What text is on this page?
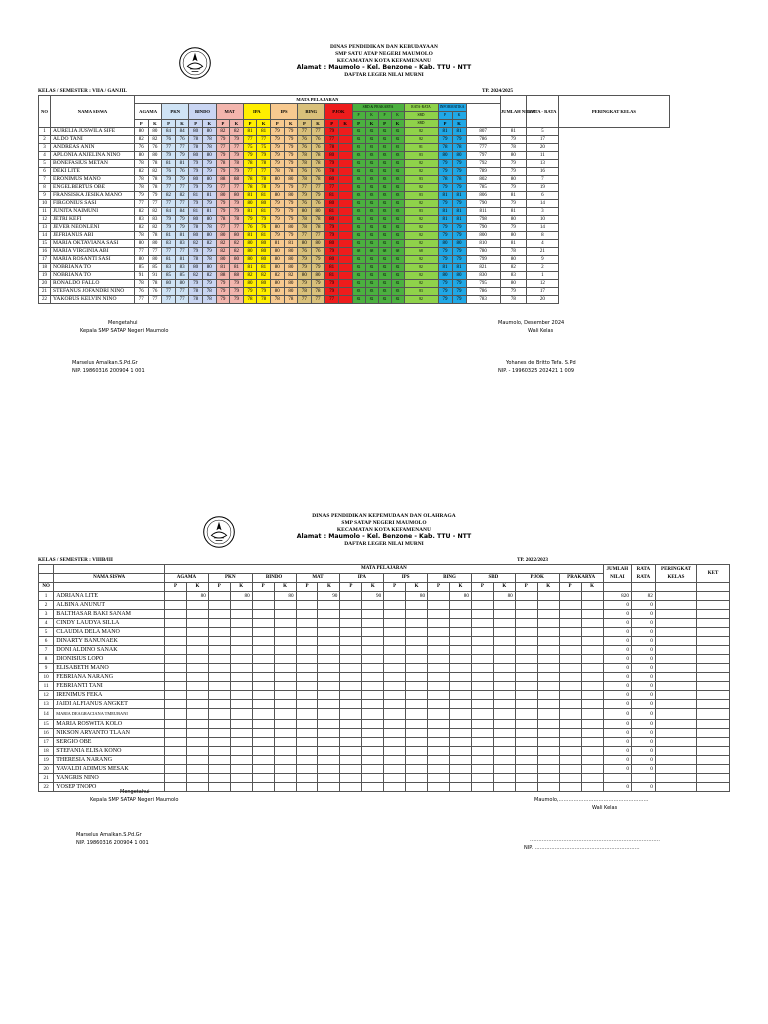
DINAS PENDIDIKAN DAN KEBUDAYAAN
SMP SATU ATAP NEGERI MAUMOLO
KECAMATAN KOTA KEFAMENANU
Alamat : Maumolo - Kel. Benzone - Kab. TTU - NTT
DAFTAR LEGER NILAI MURNI
KELAS / SEMESTER : VIIA / GANJIL	TP. 2024/2025
NO	NAMA SISWA	MATA PELAJARAN																								JUMLAH NILAI	RATA - RATA	PERINGKAT KELAS
		AGAMA		PKN		BINDO		MAT		IPA		IPS		BING		PJOK		SBD & PRAKARYA				RATA-RATA	INFORMATIKA					
																		P	K	P	K	SBD	P	K				
		P	K	P	K	P	K	P	K	P	K	P	K	P	K	P	K	P	K	P	K	SBD	P	K				
1	AURELIA JUSWILA SIFE	80	80	84	84	80	80	82	82	81	81	79	79	77	77	79		82	82	82	82	82	81	81	807	81	5	
2	ALDO TANI	82	82	76	76	78	78	79	79	77	77	79	79	76	76	77		82	82	82	82	82	79	79	786	79	17	
3	ANDREAS ANIN	76	76	77	77	78	78	77	77	75	75	79	79	76	76	78		81	81	81	81	81	78	78	777	78	20	
4	APLONIA ANJELINA NINO	80	80	79	79	80	80	79	79	79	79	79	79	78	78	80		83	83	83	83	83	80	80	797	80	11	
5	BONEFASIUS METAN	78	78	81	81	79	79	78	78	78	78	79	79	78	78	79		82	82	82	82	82	79	79	792	79	13	
6	DEKI LITE	82	82	76	76	79	79	79	79	77	77	78	78	76	76	78		82	82	82	82	82	79	79	789	79	16	
7	ERONIMUS MANO	78	78	79	79	80	80	88	88	78	78	80	80	78	78	80		83	83	83	83	83	78	78	802	80	7	
8	ENGELBERTUS OBE	78	78	77	77	79	79	77	77	78	78	79	79	77	77	77		82	82	82	82	82	79	79	785	79	19	
9	FRANSISKA JESIKA MANO	79	79	82	82	81	81	80	80	81	81	80	80	79	79	81		83	83	83	83	83	81	81	806	81	6	
10	FIRGONIUS SASI	77	77	77	77	79	79	79	79	80	80	79	79	76	76	80		82	82	82	82	82	79	79	790	79	14	
11	JUNITA NAIMUNI	82	82	84	84	81	81	79	79	81	81	79	79	80	80	81		83	83	83	83	83	81	81	811	81	3	
12	JETRI KEFI	83	83	79	79	80	80	78	78	79	79	79	79	78	78	80		82	82	82	82	82	81	81	798	80	10	
13	JEVER NEONLENI	82	82	79	79	78	78	77	77	76	76	80	80	78	78	79		82	82	82	82	82	79	79	790	79	14	
14	JEFRIANUS ABI	78	78	81	81	80	80	80	80	81	81	79	79	77	77	79		82	82	82	82	82	79	79	800	80	8	
15	MARIA OKTAVIANA SASI	80	80	83	83	82	82	82	82	80	80	81	81	80	80	80		82	82	82	82	82	80	80	810	81	4	
16	MARIA VIRGINIA ABI	77	77	77	77	79	79	82	82	80	80	80	80	76	76	79		68	68	68	68	68	79	79	780	78	21	
17	MARIA ROSANTI SASI	80	80	81	81	78	78	80	80	80	80	80	80	79	79	80		82	82	82	82	82	79	79	799	80	9	
18	NOBRIANA TO	85	85	83	83	80	80	81	81	81	81	80	80	79	79	81		82	82	82	82	82	81	81	821	82	2	
19	NOBRIANA TO	91	91	85	85	82	82	88	88	82	82	82	82	80	80	81		82	82	82	82	82	80	80	830	83	1	
20	RONALDO FALLO	78	78	80	80	79	79	79	79	80	80	80	80	79	79	79		82	82	82	82	82	79	79	795	80	12	
21	STEFANUS JOFANDRI NINO	76	76	77	77	78	78	79	79	79	79	80	80	78	78	79		83	83	83	83	83	79	79	786	79	17	
22	YAKOBUS KELVIN NINO	77	77	77	77	78	78	79	79	78	78	78	78	77	77	77		82	82	82	82	82	79	79	783	78	20	
Mengetahui
Kepala SMP SATAP Negeri Maumolo
Marselus Amalkan.S.Pd.Gr
NIP. 19860316 200904 1 001
Maumolo, Desember 2024
Wali Kelas
Yohanes de Britto Tefa. S.Pd
NIP. - 19960325 202421 1 009
DINAS PENDIDIKAN KEPEMUDAAN DAN OLAHRAGA
SMP SATAP NEGERI MAUMOLO
KECAMATAN KOTA KEFAMENANU
Alamat : Maumolo - Kel. Benzone - Kab. TTU - NTT
DAFTAR LEGER NILAI MURNI
KELAS / SEMESTER : VIIIB/III	TP. 2022/2023
		MATA PELAJARAN																				JUMLAH NILAI	RATA RATA	PERINGKAT KELAS	KET
	NAMA SISWA	AGAMA		PKN		BINDO		MAT		IPA		IPS		BING		SBD		PJOK		PRAKARYA					
NO		P	K	P	K	P	K	P	K	P	K	P	K	P	K	P	K	P	K	P	K				
1	ADRIANA LITE		80		80		80		90		90		80		80		80					820	82		
2	ALBINA ANUNUT																					0	0		
3	BALTHASAR BAKI SANAM																					0	0		
4	CINDY LAUDYA SILLA																					0	0		
5	CLAUDIA DELA MANO																					0	0		
6	DINARTY BANUNAEK																					0	0		
7	DONI ALDINO SANAK																					0	0		
8	DIONISIUS LOPO																					0	0		
9	ELISABETH MANO																					0	0		
10	FEBRIANA NARANG																					0	0		
11	FEBRIANTI TANI																					0	0		
12	IRENIMUS FEKA																					0	0		
13	JAIDI ALFIANUS ANGKET																					0	0		
14	MARIA DEAGRACIANA TMEUBANI																					0	0		
15	MARIA ROSWITA KOLO																					0	0		
16	NIKSON ARYANTO TLAAN																					0	0		
17	SERGIO OBE																					0	0		
18	STEFANIA ELISA KONO																					0	0		
19	THERESIA NARANG																					0	0		
20	YAVALDI ADIMUS MESAK																					0	0		
21	YANGRIS NINO																								
22	YOSEP TNOPO																					0	0		
Mengetahui
Kepala SMP SATAP Negeri Maumolo
Marselus Amalkan.S.Pd.Gr
NIP. 19860316 200904 1 001
Maumolo,………………………………………………
Wali Kelas
……………………………………………………………………
NIP. ………………………………………………………
